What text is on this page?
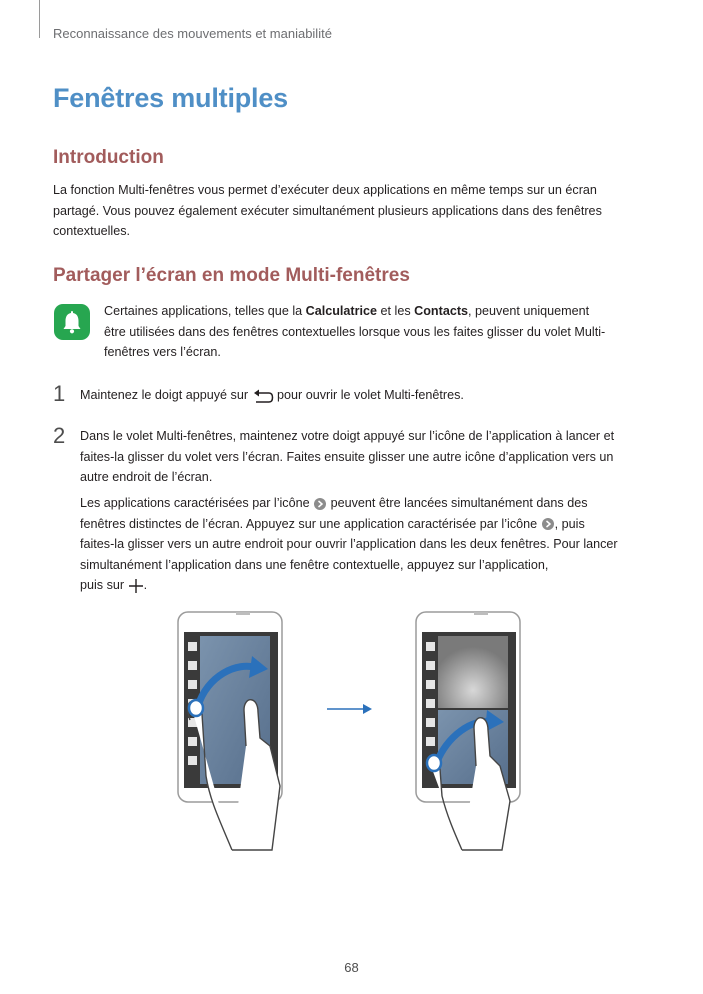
Reconnaissance des mouvements et maniabilité
Fenêtres multiples
Introduction
La fonction Multi-fenêtres vous permet d’exécuter deux applications en même temps sur un écran
partagé. Vous pouvez également exécuter simultanément plusieurs applications dans des fenêtres
contextuelles.
Partager l’écran en mode Multi-fenêtres
Certaines applications, telles que la Calculatrice et les Contacts, peuvent uniquement
être utilisées dans des fenêtres contextuelles lorsque vous les faites glisser du volet Multi-
fenêtres vers l’écran.
1 Maintenez le doigt appuyé sur  pour ouvrir le volet Multi-fenêtres.
2 Dans le volet Multi-fenêtres, maintenez votre doigt appuyé sur l’icône de l’application à lancer et
faites-la glisser du volet vers l’écran. Faites ensuite glisser une autre icône d’application vers un
autre endroit de l’écran.
Les applications caractérisées par l’icône  peuvent être lancées simultanément dans des
fenêtres distinctes de l’écran. Appuyez sur une application caractérisée par l’icône , puis
faites-la glisser vers un autre endroit pour ouvrir l’application dans les deux fenêtres. Pour lancer
simultanément l’application dans une fenêtre contextuelle, appuyez sur l’application,
puis sur .
68
